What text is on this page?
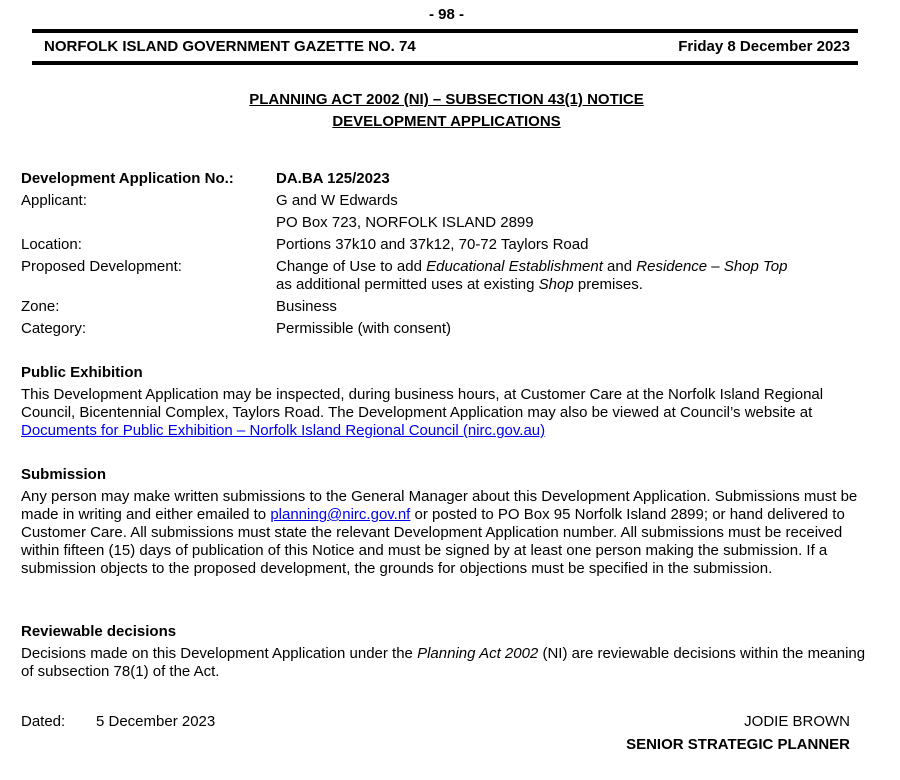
- 98 -
NORFOLK ISLAND GOVERNMENT GAZETTE NO. 74	Friday 8 December 2023
PLANNING ACT 2002 (NI) – SUBSECTION 43(1) NOTICE
DEVELOPMENT APPLICATIONS
Development Application No.:	DA.BA 125/2023
Applicant:	G and W Edwards
PO Box 723, NORFOLK ISLAND 2899
Location:	Portions 37k10 and 37k12, 70-72 Taylors Road
Proposed Development:	Change of Use to add Educational Establishment and Residence – Shop Top as additional permitted uses at existing Shop premises.
Zone:	Business
Category:	Permissible (with consent)
Public Exhibition

This Development Application may be inspected, during business hours, at Customer Care at the Norfolk Island Regional Council, Bicentennial Complex, Taylors Road. The Development Application may also be viewed at Council’s website at Documents for Public Exhibition – Norfolk Island Regional Council (nirc.gov.au)

Submission

Any person may make written submissions to the General Manager about this Development Application. Submissions must be made in writing and either emailed to planning@nirc.gov.nf or posted to PO Box 95 Norfolk Island 2899; or hand delivered to Customer Care. All submissions must state the relevant Development Application number. All submissions must be received within fifteen (15) days of publication of this Notice and must be signed by at least one person making the submission. If a submission objects to the proposed development, the grounds for objections must be specified in the submission.

Reviewable decisions

Decisions made on this Development Application under the Planning Act 2002 (NI) are reviewable decisions within the meaning of subsection 78(1) of the Act.

Dated: 5 December 2023	JODIE BROWN
SENIOR STRATEGIC PLANNER
